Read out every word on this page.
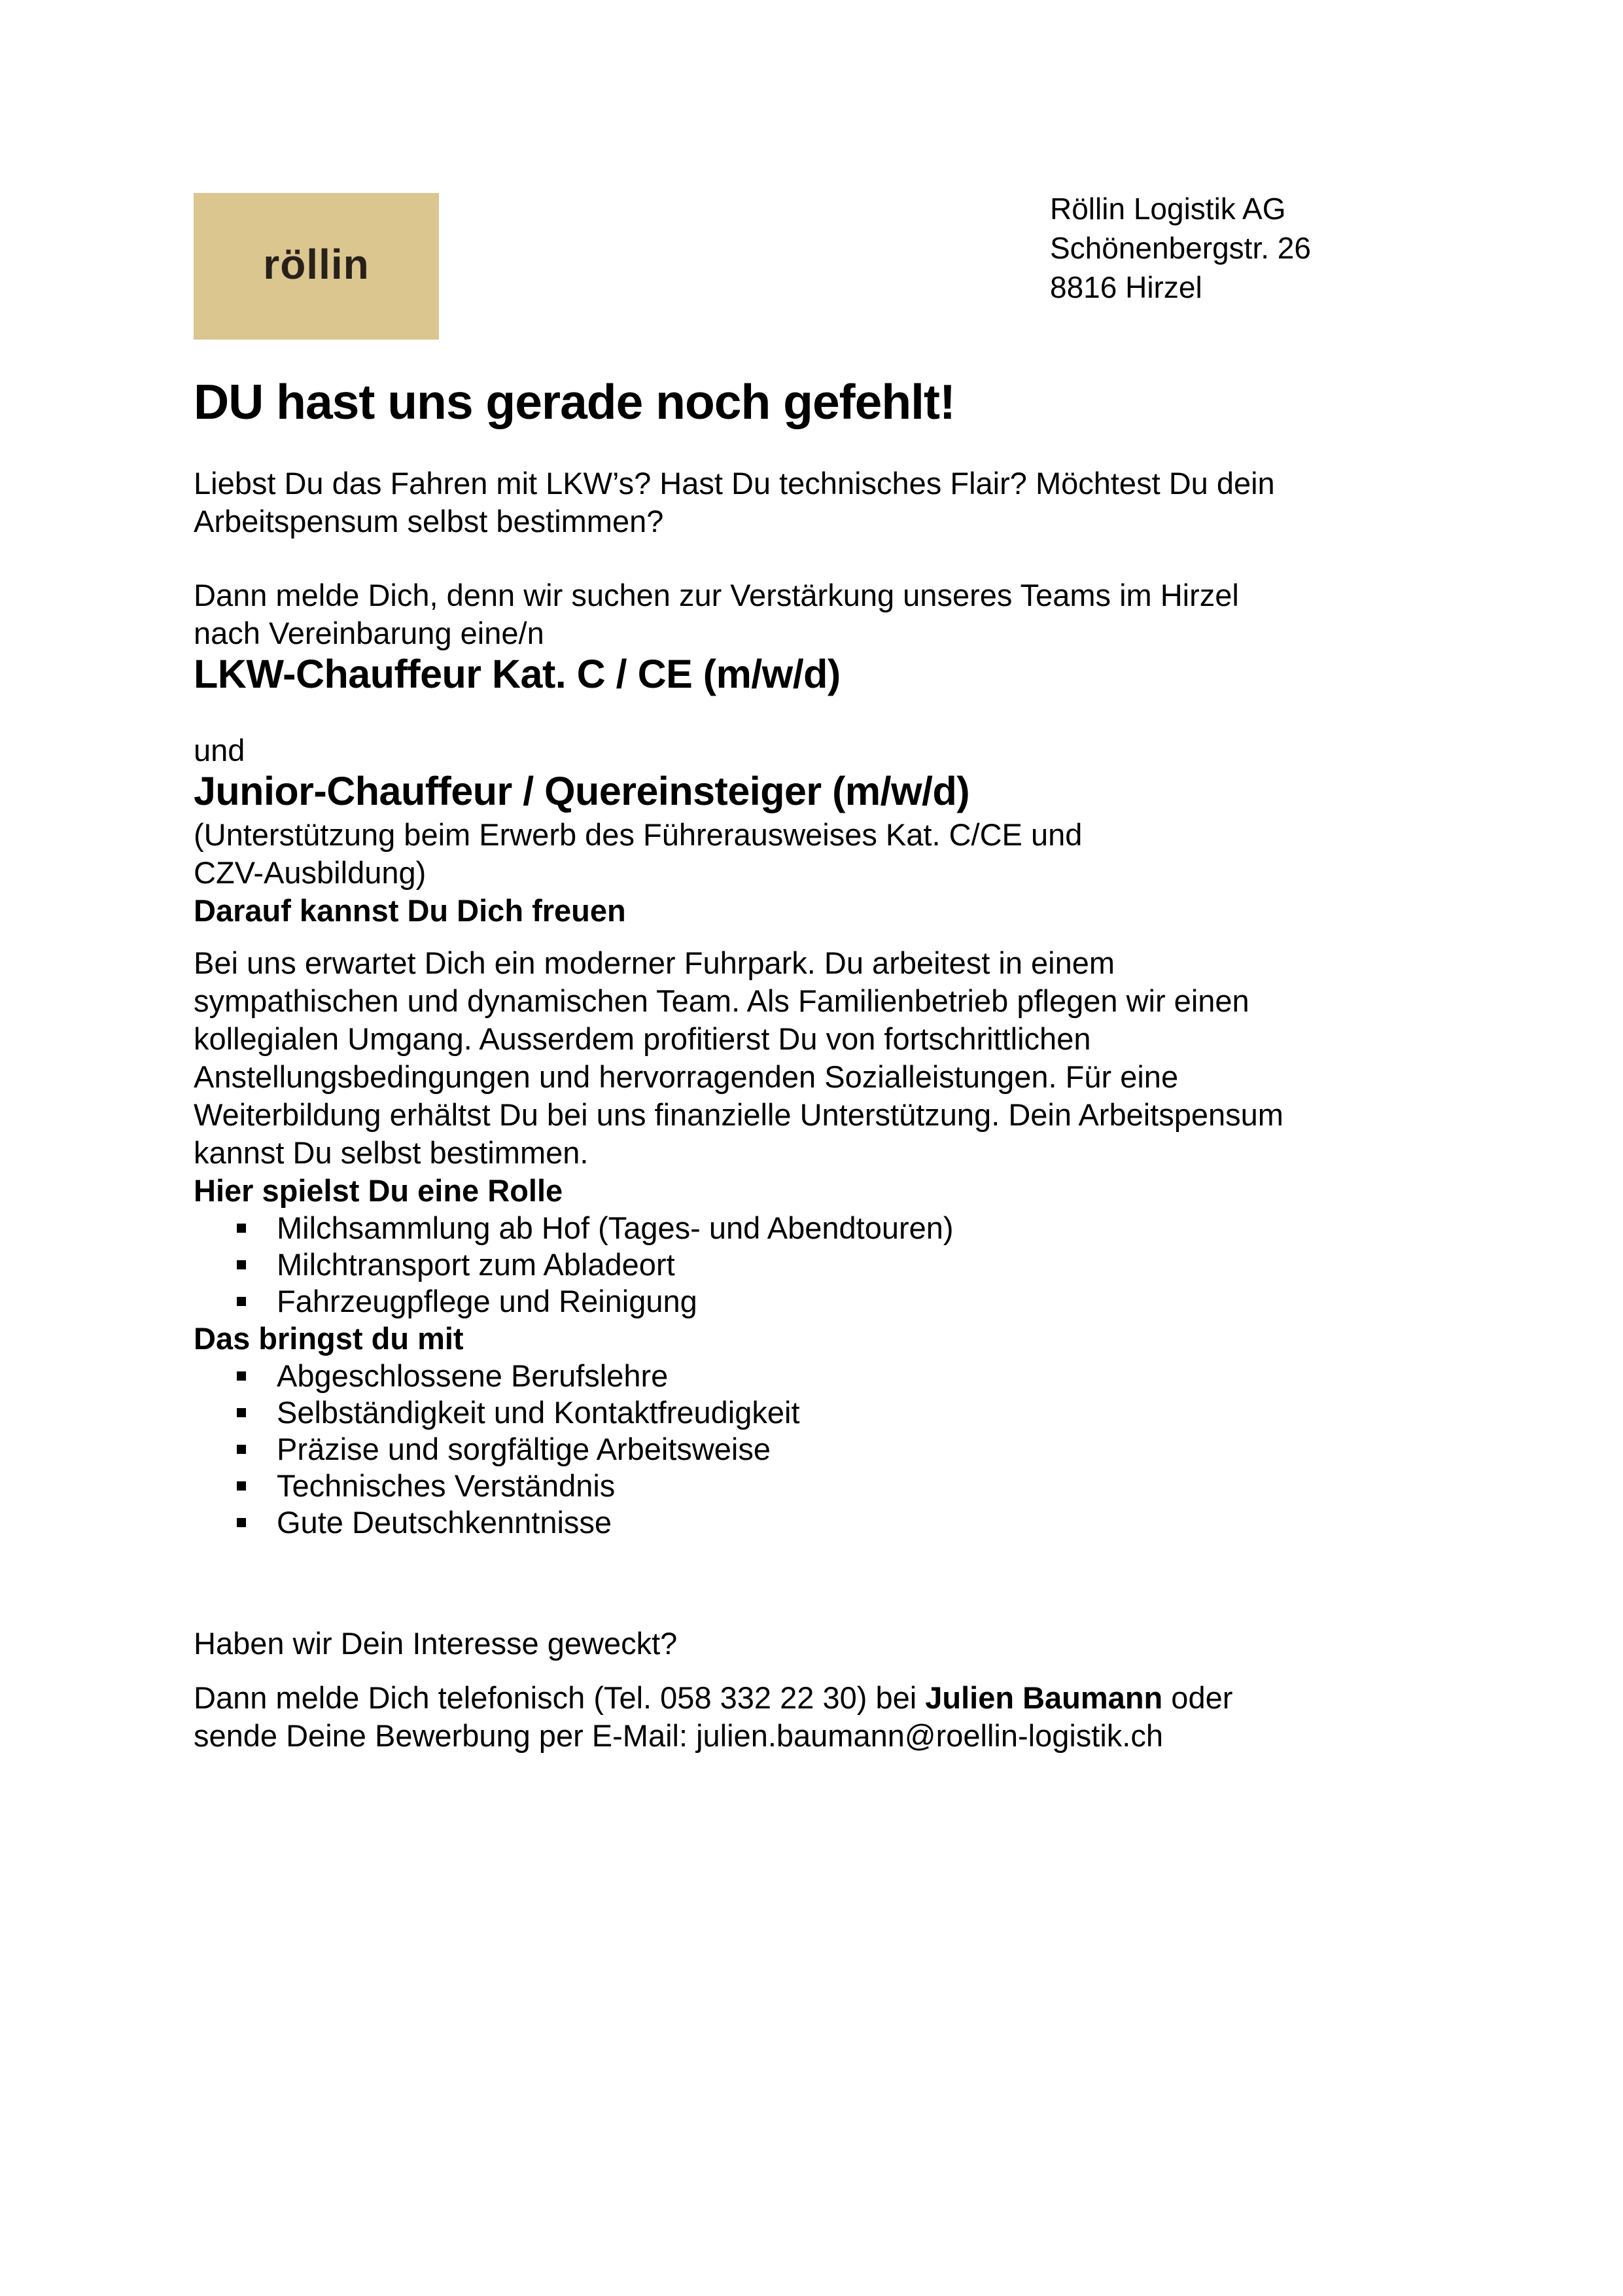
röllin
Röllin Logistik AG
Schönenbergstr. 26
8816 Hirzel
DU hast uns gerade noch gefehlt!

Liebst Du das Fahren mit LKW’s? Hast Du technisches Flair? Möchtest Du dein
Arbeitspensum selbst bestimmen?

Dann melde Dich, denn wir suchen zur Verstärkung unseres Teams im Hirzel
nach Vereinbarung eine/n

LKW-Chauffeur Kat. C / CE (m/w/d)

und

Junior-Chauffeur / Quereinsteiger (m/w/d)

(Unterstützung beim Erwerb des Führerausweises Kat. C/CE und
CZV-Ausbildung)

Darauf kannst Du Dich freuen

Bei uns erwartet Dich ein moderner Fuhrpark. Du arbeitest in einem
sympathischen und dynamischen Team. Als Familienbetrieb pflegen wir einen
kollegialen Umgang. Ausserdem profitierst Du von fortschrittlichen
Anstellungsbedingungen und hervorragenden Sozialleistungen. Für eine
Weiterbildung erhältst Du bei uns finanzielle Unterstützung. Dein Arbeitspensum
kannst Du selbst bestimmen.

Hier spielst Du eine Rolle
Milchsammlung ab Hof (Tages- und Abendtouren)
Milchtransport zum Abladeort
Fahrzeugpflege und Reinigung
Das bringst du mit
Abgeschlossene Berufslehre
Selbständigkeit und Kontaktfreudigkeit
Präzise und sorgfältige Arbeitsweise
Technisches Verständnis
Gute Deutschkenntnisse

Haben wir Dein Interesse geweckt?

Dann melde Dich telefonisch (Tel. 058 332 22 30) bei Julien Baumann oder
sende Deine Bewerbung per E-Mail: julien.baumann@roellin-logistik.ch
